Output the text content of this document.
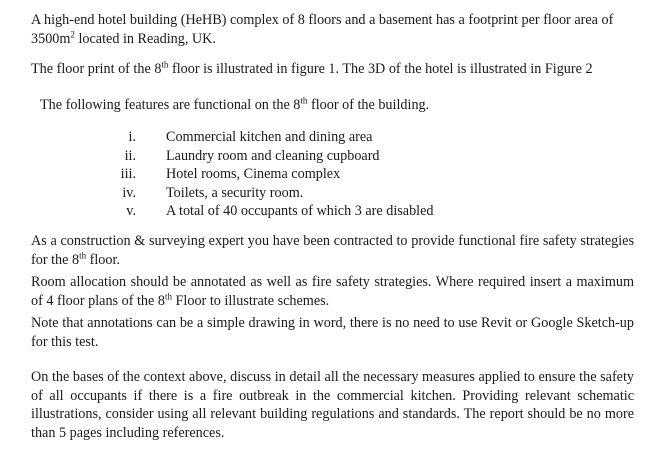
A high-end hotel building (HeHB) complex of 8 floors and a basement has a footprint per floor area of $3500m^2$ located in Reading, UK.

The floor print of the 8th floor is illustrated in figure 1. The 3D of the hotel is illustrated in Figure 2

The following features are functional on the 8th floor of the building.

i. Commercial kitchen and dining area
ii. Laundry room and cleaning cupboard
iii. Hotel rooms, Cinema complex
iv. Toilets, a security room.
v. A total of 40 occupants of which 3 are disabled

As a construction & surveying expert you have been contracted to provide functional fire safety strategies for the 8th floor.

Room allocation should be annotated as well as fire safety strategies. Where required insert a maximum of 4 floor plans of the 8th Floor to illustrate schemes.

Note that annotations can be a simple drawing in word, there is no need to use Revit or Google Sketch-up for this test.

On the bases of the context above, discuss in detail all the necessary measures applied to ensure the safety of all occupants if there is a fire outbreak in the commercial kitchen. Providing relevant schematic illustrations, consider using all relevant building regulations and standards. The report should be no more than 5 pages including references.
